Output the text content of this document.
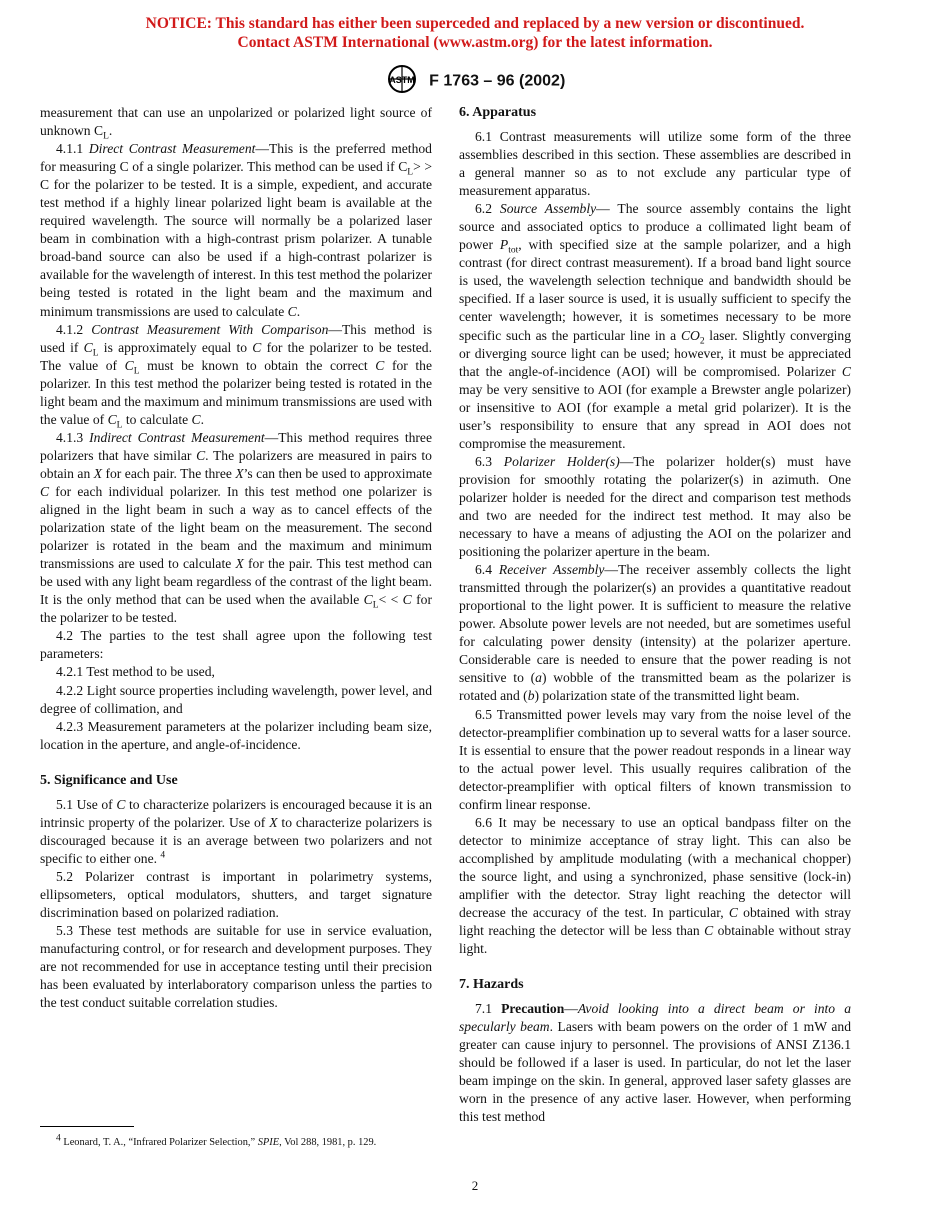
NOTICE: This standard has either been superceded and replaced by a new version or discontinued.
Contact ASTM International (www.astm.org) for the latest information.
ASTM F 1763 – 96 (2002)

measurement that can use an unpolarized or polarized light source of unknown $C_L$.

4.1.1 Direct Contrast Measurement—This is the preferred method for measuring C of a single polarizer. This method can be used if $C_L> > C$ for the polarizer to be tested. It is a simple, expedient, and accurate test method if a highly linear polarized light beam is available at the required wavelength. The source will normally be a polarized laser beam in combination with a high-contrast prism polarizer. A tunable broad-band source can also be used if a high-contrast polarizer is available for the wavelength of interest. In this test method the polarizer being tested is rotated in the light beam and the maximum and minimum transmissions are used to calculate C.

4.1.2 Contrast Measurement With Comparison—This method is used if $C_L$ is approximately equal to C for the polarizer to be tested. The value of $C_L$ must be known to obtain the correct C for the polarizer. In this test method the polarizer being tested is rotated in the light beam and the maximum and minimum transmissions are used with the value of $C_L$ to calculate C.

4.1.3 Indirect Contrast Measurement—This method requires three polarizers that have similar C. The polarizers are measured in pairs to obtain an X for each pair. The three X’s can then be used to approximate C for each individual polarizer. In this test method one polarizer is aligned in the light beam in such a way as to cancel effects of the polarization state of the light beam on the measurement. The second polarizer is rotated in the beam and the maximum and minimum transmissions are used to calculate X for the pair. This test method can be used with any light beam regardless of the contrast of the light beam. It is the only method that can be used when the available $C_L< < C$ for the polarizer to be tested.

4.2 The parties to the test shall agree upon the following test parameters:

4.2.1 Test method to be used,

4.2.2 Light source properties including wavelength, power level, and degree of collimation, and

4.2.3 Measurement parameters at the polarizer including beam size, location in the aperture, and angle-of-incidence.

5. Significance and Use

5.1 Use of C to characterize polarizers is encouraged because it is an intrinsic property of the polarizer. Use of X to characterize polarizers is discouraged because it is an average between two polarizers and not specific to either one. $^4$

5.2 Polarizer contrast is important in polarimetry systems, ellipsometers, optical modulators, shutters, and target signature discrimination based on polarized radiation.

5.3 These test methods are suitable for use in service evaluation, manufacturing control, or for research and development purposes. They are not recommended for use in acceptance testing until their precision has been evaluated by interlaboratory comparison unless the parties to the test conduct suitable correlation studies.

$^4$ Leonard, T. A., “Infrared Polarizer Selection,” SPIE, Vol 288, 1981, p. 129.
6. Apparatus

6.1 Contrast measurements will utilize some form of the three assemblies described in this section. These assemblies are described in a general manner so as to not exclude any particular type of measurement apparatus.

6.2 Source Assembly— The source assembly contains the light source and associated optics to produce a collimated light beam of power $P_{tot}$, with specified size at the sample polarizer, and a high contrast (for direct contrast measurement). If a broad band light source is used, the wavelength selection technique and bandwidth should be specified. If a laser source is used, it is usually sufficient to specify the center wavelength; however, it is sometimes necessary to be more specific such as the particular line in a $CO_2$ laser. Slightly converging or diverging source light can be used; however, it must be appreciated that the angle-of-incidence (AOI) will be compromised. Polarizer C may be very sensitive to AOI (for example a Brewster angle polarizer) or insensitive to AOI (for example a metal grid polarizer). It is the user’s responsibility to ensure that any spread in AOI does not compromise the measurement.

6.3 Polarizer Holder(s)—The polarizer holder(s) must have provision for smoothly rotating the polarizer(s) in azimuth. One polarizer holder is needed for the direct and comparison test methods and two are needed for the indirect test method. It may also be necessary to have a means of adjusting the AOI on the polarizer and positioning the polarizer aperture in the beam.

6.4 Receiver Assembly—The receiver assembly collects the light transmitted through the polarizer(s) an provides a quantitative readout proportional to the light power. It is sufficient to measure the relative power. Absolute power levels are not needed, but are sometimes useful for calculating power density (intensity) at the polarizer aperture. Considerable care is needed to ensure that the power reading is not sensitive to (a) wobble of the transmitted beam as the polarizer is rotated and (b) polarization state of the transmitted light beam.

6.5 Transmitted power levels may vary from the noise level of the detector-preamplifier combination up to several watts for a laser source. It is essential to ensure that the power readout responds in a linear way to the actual power level. This usually requires calibration of the detector-preamplifier with optical filters of known transmission to confirm linear response.

6.6 It may be necessary to use an optical bandpass filter on the detector to minimize acceptance of stray light. This can also be accomplished by amplitude modulating (with a mechanical chopper) the source light, and using a synchronized, phase sensitive (lock-in) amplifier with the detector. Stray light reaching the detector will decrease the accuracy of the test. In particular, C obtained with stray light reaching the detector will be less than C obtainable without stray light.

7. Hazards

7.1 Precaution—Avoid looking into a direct beam or into a specularly beam. Lasers with beam powers on the order of 1 mW and greater can cause injury to personnel. The provisions of ANSI Z136.1 should be followed if a laser is used. In particular, do not let the laser beam impinge on the skin. In general, approved laser safety glasses are worn in the presence of any active laser. However, when performing this test method

2
